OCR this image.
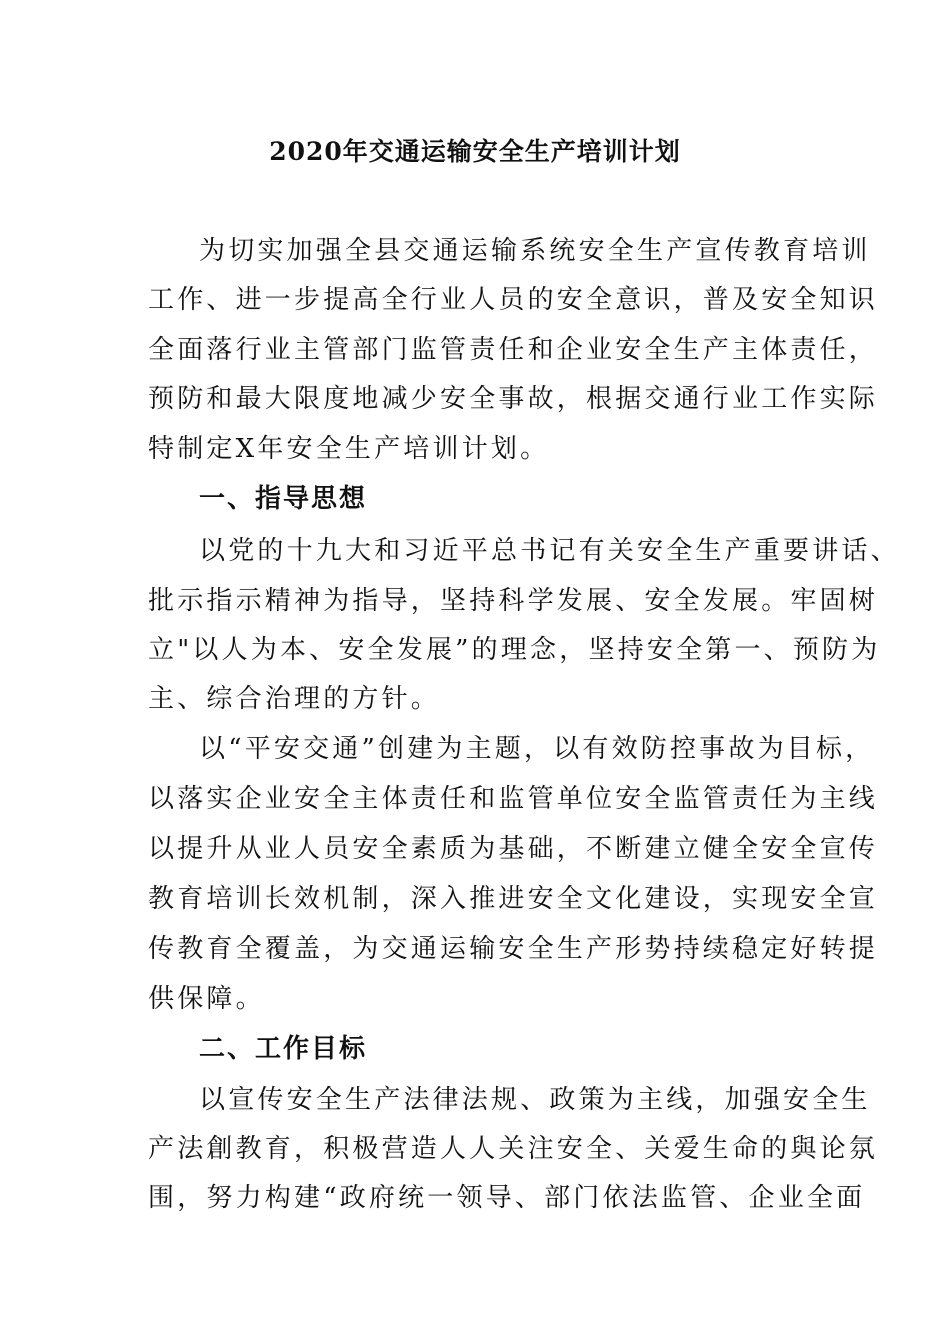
2020年交通运输安全生产培训计划

为切实加强全县交通运输系统安全生产宣传教育培训

工作、进一步提高全行业人员的安全意识，普及安全知识

全面落行业主管部门监管责任和企业安全生产主体责任，

预防和最大限度地减少安全事故，根据交通行业工作实际

特制定X年安全生产培训计划。

一、指导思想

以党的十九大和习近平总书记有关安全生产重要讲话、

批示指示精神为指导，坚持科学发展、安全发展。牢固树

立"以人为本、安全发展”的理念，坚持安全第一、预防为

主、综合治理的方针。

以“平安交通”创建为主题，以有效防控事故为目标，

以落实企业安全主体责任和监管单位安全监管责任为主线

以提升从业人员安全素质为基础，不断建立健全安全宣传

教育培训长效机制，深入推进安全文化建设，实现安全宣

传教育全覆盖，为交通运输安全生产形势持续稳定好转提

供保障。

二、工作目标

以宣传安全生产法律法规、政策为主线，加强安全生

产法創教育，积极营造人人关注安全、关爱生命的與论氛

围，努力构建“政府统一领导、部门依法监管、企业全面
